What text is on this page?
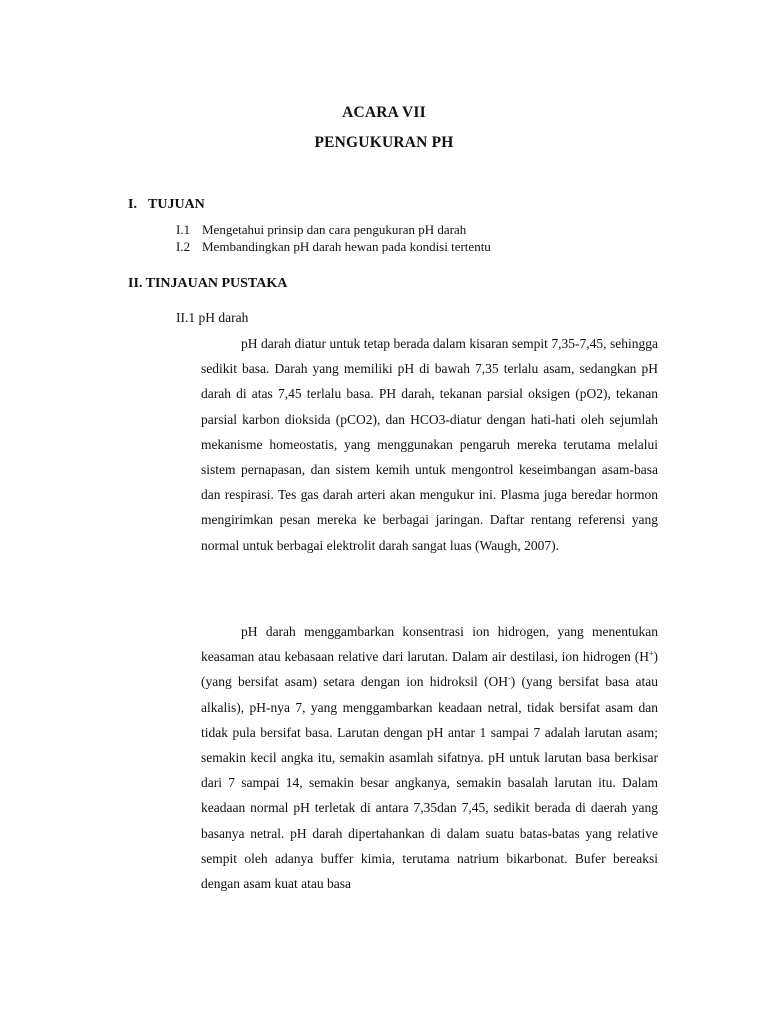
ACARA VII
PENGUKURAN PH
I. TUJUAN
I.1 Mengetahui prinsip dan cara pengukuran pH darah
I.2 Membandingkan pH darah hewan pada kondisi tertentu
II. TINJAUAN PUSTAKA
II.1 pH darah

pH darah diatur untuk tetap berada dalam kisaran sempit 7,35-7,45, sehingga sedikit basa. Darah yang memiliki pH di bawah 7,35 terlalu asam, sedangkan pH darah di atas 7,45 terlalu basa. PH darah, tekanan parsial oksigen (pO2), tekanan parsial karbon dioksida (pCO2), dan HCO3-diatur dengan hati-hati oleh sejumlah mekanisme homeostatis, yang menggunakan pengaruh mereka terutama melalui sistem pernapasan, dan sistem kemih untuk mengontrol keseimbangan asam-basa dan respirasi. Tes gas darah arteri akan mengukur ini. Plasma juga beredar hormon mengirimkan pesan mereka ke berbagai jaringan. Daftar rentang referensi yang normal untuk berbagai elektrolit darah sangat luas (Waugh, 2007).

pH darah menggambarkan konsentrasi ion hidrogen, yang menentukan keasaman atau kebasaan relative dari larutan. Dalam air destilasi, ion hidrogen (H+) (yang bersifat asam) setara dengan ion hidroksil (OH-) (yang bersifat basa atau alkalis), pH-nya 7, yang menggambarkan keadaan netral, tidak bersifat asam dan tidak pula bersifat basa. Larutan dengan pH antar 1 sampai 7 adalah larutan asam; semakin kecil angka itu, semakin asamlah sifatnya. pH untuk larutan basa berkisar dari 7 sampai 14, semakin besar angkanya, semakin basalah larutan itu. Dalam keadaan normal pH terletak di antara 7,35dan 7,45, sedikit berada di daerah yang basanya netral. pH darah dipertahankan di dalam suatu batas-batas yang relative sempit oleh adanya buffer kimia, terutama natrium bikarbonat. Bufer bereaksi dengan asam kuat atau basa
